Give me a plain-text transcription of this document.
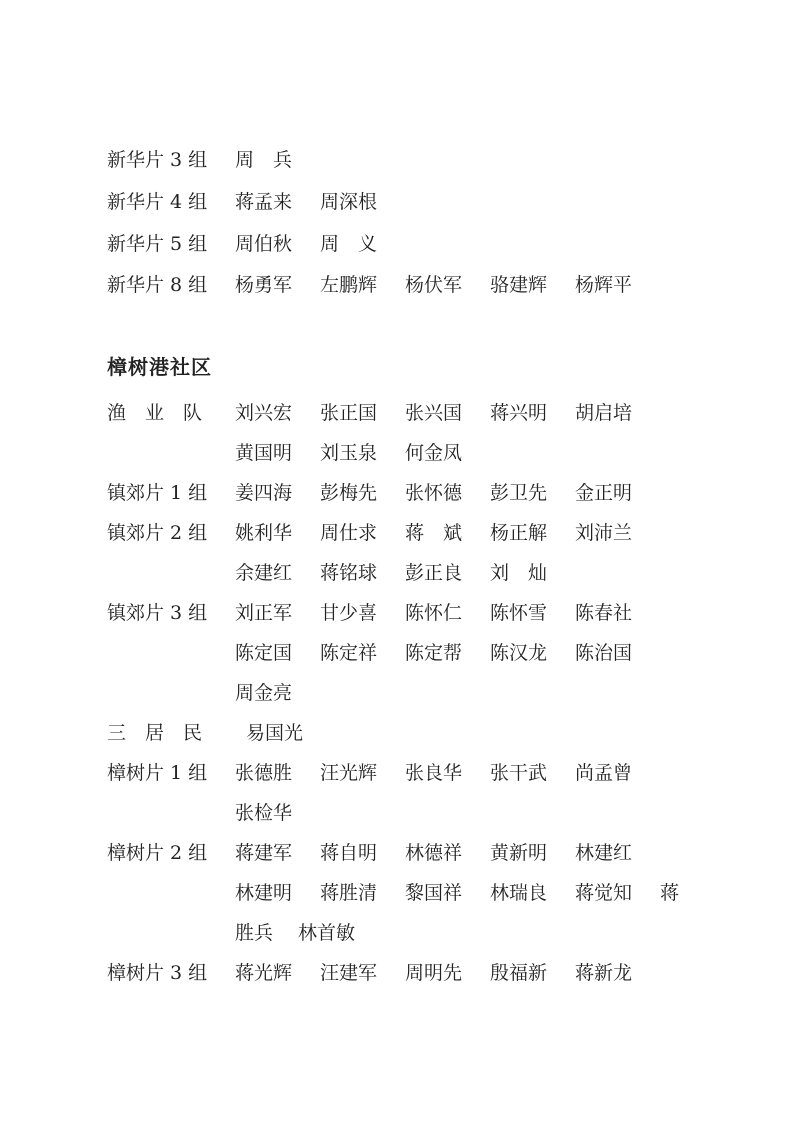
新华片 3 组 周　兵
新华片 4 组 蒋孟来 周深根
新华片 5 组 周伯秋 周　义
新华片 8 组 杨勇军 左鹏辉 杨伏军 骆建辉 杨辉平
樟树港社区
渔　业　队 刘兴宏 张正国 张兴国 蒋兴明 胡启培
黄国明 刘玉泉 何金凤
镇郊片 1 组 姜四海 彭梅先 张怀德 彭卫先 金正明
镇郊片 2 组 姚利华 周仕求 蒋　斌 杨正解 刘沛兰
余建红 蒋铭球 彭正良 刘　灿
镇郊片 3 组 刘正军 甘少喜 陈怀仁 陈怀雪 陈春社
陈定国 陈定祥 陈定帮 陈汉龙 陈治国
周金亮
三　居　民 易国光
樟树片 1 组 张德胜 汪光辉 张良华 张干武 尚孟曾
张检华
樟树片 2 组 蒋建军 蒋自明 林德祥 黄新明 林建红
林建明 蒋胜清 黎国祥 林瑞良 蒋觉知 蒋
胜兵 林首敏
樟树片 3 组 蒋光辉 汪建军 周明先 殷福新 蒋新龙
